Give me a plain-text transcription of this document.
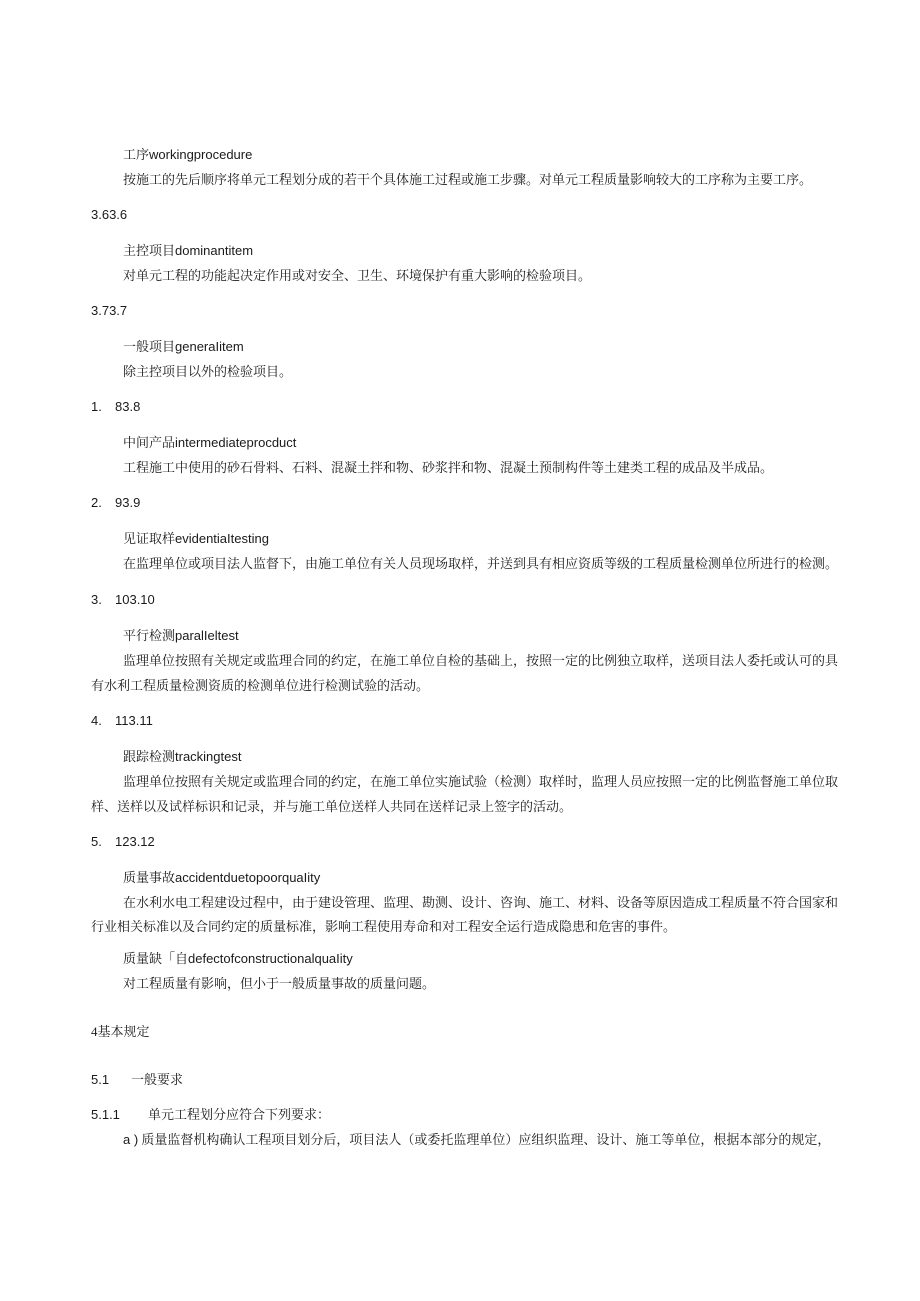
工序workingprocedure
按施工的先后顺序将单元工程划分成的若干个具体施工过程或施工步骤。对单元工程质量影响较大的工序称为主要工序。
3.63.6
主控项目dominantitem
对单元工程的功能起决定作用或对安全、卫生、环境保护有重大影响的检验项目。
3.73.7
一般项目generaIitem
除主控项目以外的检验项目。
1. 83.8
中间产品intermediateprocduct
工程施工中使用的砂石骨料、石料、混凝土拌和物、砂浆拌和物、混凝土预制构件等土建类工程的成品及半成品。
2. 93.9
见证取样evidentiaItesting
在监理单位或项目法人监督下，由施工单位有关人员现场取样，并送到具有相应资质等级的工程质量检测单位所进行的检测。
3. 103.10
平行检测paralIeltest
监理单位按照有关规定或监理合同的约定，在施工单位自检的基础上，按照一定的比例独立取样，送项目法人委托或认可的具
有水利工程质量检测资质的检测单位进行检测试验的活动。
4. 113.11
跟踪检测trackingtest
监理单位按照有关规定或监理合同的约定，在施工单位实施试验（检测）取样时，监理人员应按照一定的比例监督施工单位取
样、送样以及试样标识和记录，并与施工单位送样人共同在送样记录上签字的活动。
5. 123.12
质量事故accidentduetopoorquaIity
在水利水电工程建设过程中，由于建设管理、监理、勘测、设计、咨询、施工、材料、设备等原因造成工程质量不符合国家和
行业相关标准以及合同约定的质量标准，影响工程使用寿命和对工程安全运行造成隐患和危害的事件。
质量缺「自defectofconstructionalquaIity
对工程质量有影响，但小于一般质量事故的质量问题。
4基本规定
5.1 一般要求
5.1.1 单元工程划分应符合下列要求：
a ) 质量监督机构确认工程项目划分后，项目法人（或委托监理单位）应组织监理、设计、施工等单位，根据本部分的规定，
